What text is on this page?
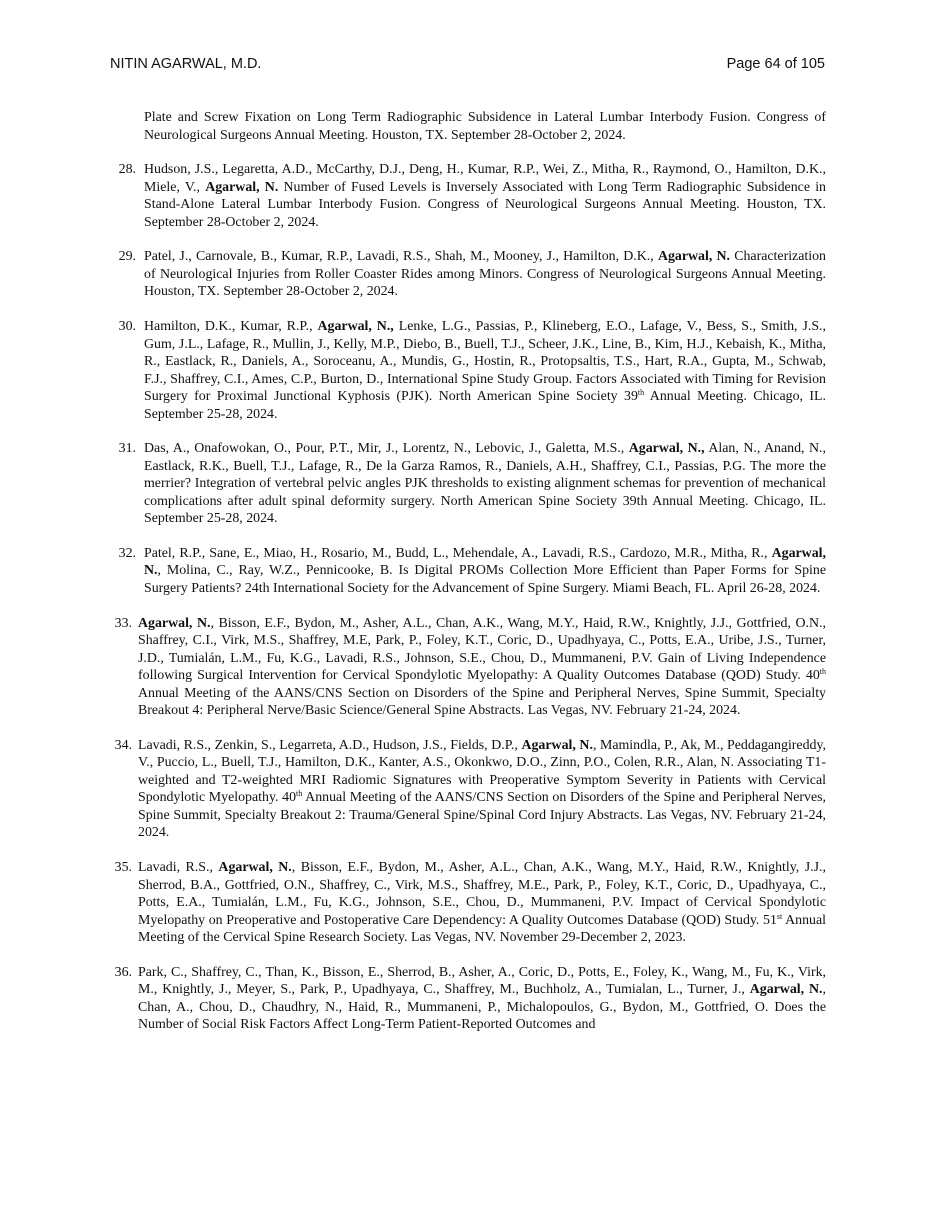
NITIN AGARWAL, M.D.	Page 64 of 105
Plate and Screw Fixation on Long Term Radiographic Subsidence in Lateral Lumbar Interbody Fusion. Congress of Neurological Surgeons Annual Meeting. Houston, TX. September 28-October 2, 2024.
28. Hudson, J.S., Legaretta, A.D., McCarthy, D.J., Deng, H., Kumar, R.P., Wei, Z., Mitha, R., Raymond, O., Hamilton, D.K., Miele, V., Agarwal, N. Number of Fused Levels is Inversely Associated with Long Term Radiographic Subsidence in Stand-Alone Lateral Lumbar Interbody Fusion. Congress of Neurological Surgeons Annual Meeting. Houston, TX. September 28-October 2, 2024.
29. Patel, J., Carnovale, B., Kumar, R.P., Lavadi, R.S., Shah, M., Mooney, J., Hamilton, D.K., Agarwal, N. Characterization of Neurological Injuries from Roller Coaster Rides among Minors. Congress of Neurological Surgeons Annual Meeting. Houston, TX. September 28-October 2, 2024.
30. Hamilton, D.K., Kumar, R.P., Agarwal, N., Lenke, L.G., Passias, P., Klineberg, E.O., Lafage, V., Bess, S., Smith, J.S., Gum, J.L., Lafage, R., Mullin, J., Kelly, M.P., Diebo, B., Buell, T.J., Scheer, J.K., Line, B., Kim, H.J., Kebaish, K., Mitha, R., Eastlack, R., Daniels, A., Soroceanu, A., Mundis, G., Hostin, R., Protopsaltis, T.S., Hart, R.A., Gupta, M., Schwab, F.J., Shaffrey, C.I., Ames, C.P., Burton, D., International Spine Study Group. Factors Associated with Timing for Revision Surgery for Proximal Junctional Kyphosis (PJK). North American Spine Society 39th Annual Meeting. Chicago, IL. September 25-28, 2024.
31. Das, A., Onafowokan, O., Pour, P.T., Mir, J., Lorentz, N., Lebovic, J., Galetta, M.S., Agarwal, N., Alan, N., Anand, N., Eastlack, R.K., Buell, T.J., Lafage, R., De la Garza Ramos, R., Daniels, A.H., Shaffrey, C.I., Passias, P.G. The more the merrier? Integration of vertebral pelvic angles PJK thresholds to existing alignment schemas for prevention of mechanical complications after adult spinal deformity surgery. North American Spine Society 39th Annual Meeting. Chicago, IL. September 25-28, 2024.
32. Patel, R.P., Sane, E., Miao, H., Rosario, M., Budd, L., Mehendale, A., Lavadi, R.S., Cardozo, M.R., Mitha, R., Agarwal, N., Molina, C., Ray, W.Z., Pennicooke, B. Is Digital PROMs Collection More Efficient than Paper Forms for Spine Surgery Patients? 24th International Society for the Advancement of Spine Surgery. Miami Beach, FL. April 26-28, 2024.
33. Agarwal, N., Bisson, E.F., Bydon, M., Asher, A.L., Chan, A.K., Wang, M.Y., Haid, R.W., Knightly, J.J., Gottfried, O.N., Shaffrey, C.I., Virk, M.S., Shaffrey, M.E, Park, P., Foley, K.T., Coric, D., Upadhyaya, C., Potts, E.A., Uribe, J.S., Turner, J.D., Tumialán, L.M., Fu, K.G., Lavadi, R.S., Johnson, S.E., Chou, D., Mummaneni, P.V. Gain of Living Independence following Surgical Intervention for Cervical Spondylotic Myelopathy: A Quality Outcomes Database (QOD) Study. 40th Annual Meeting of the AANS/CNS Section on Disorders of the Spine and Peripheral Nerves, Spine Summit, Specialty Breakout 4: Peripheral Nerve/Basic Science/General Spine Abstracts. Las Vegas, NV. February 21-24, 2024.
34. Lavadi, R.S., Zenkin, S., Legarreta, A.D., Hudson, J.S., Fields, D.P., Agarwal, N., Mamindla, P., Ak, M., Peddagangireddy, V., Puccio, L., Buell, T.J., Hamilton, D.K., Kanter, A.S., Okonkwo, D.O., Zinn, P.O., Colen, R.R., Alan, N. Associating T1-weighted and T2-weighted MRI Radiomic Signatures with Preoperative Symptom Severity in Patients with Cervical Spondylotic Myelopathy. 40th Annual Meeting of the AANS/CNS Section on Disorders of the Spine and Peripheral Nerves, Spine Summit, Specialty Breakout 2: Trauma/General Spine/Spinal Cord Injury Abstracts. Las Vegas, NV. February 21-24, 2024.
35. Lavadi, R.S., Agarwal, N., Bisson, E.F., Bydon, M., Asher, A.L., Chan, A.K., Wang, M.Y., Haid, R.W., Knightly, J.J., Sherrod, B.A., Gottfried, O.N., Shaffrey, C., Virk, M.S., Shaffrey, M.E., Park, P., Foley, K.T., Coric, D., Upadhyaya, C., Potts, E.A., Tumialán, L.M., Fu, K.G., Johnson, S.E., Chou, D., Mummaneni, P.V. Impact of Cervical Spondylotic Myelopathy on Preoperative and Postoperative Care Dependency: A Quality Outcomes Database (QOD) Study. 51st Annual Meeting of the Cervical Spine Research Society. Las Vegas, NV. November 29-December 2, 2023.
36. Park, C., Shaffrey, C., Than, K., Bisson, E., Sherrod, B., Asher, A., Coric, D., Potts, E., Foley, K., Wang, M., Fu, K., Virk, M., Knightly, J., Meyer, S., Park, P., Upadhyaya, C., Shaffrey, M., Buchholz, A., Tumialan, L., Turner, J., Agarwal, N., Chan, A., Chou, D., Chaudhry, N., Haid, R., Mummaneni, P., Michalopoulos, G., Bydon, M., Gottfried, O. Does the Number of Social Risk Factors Affect Long-Term Patient-Reported Outcomes and
